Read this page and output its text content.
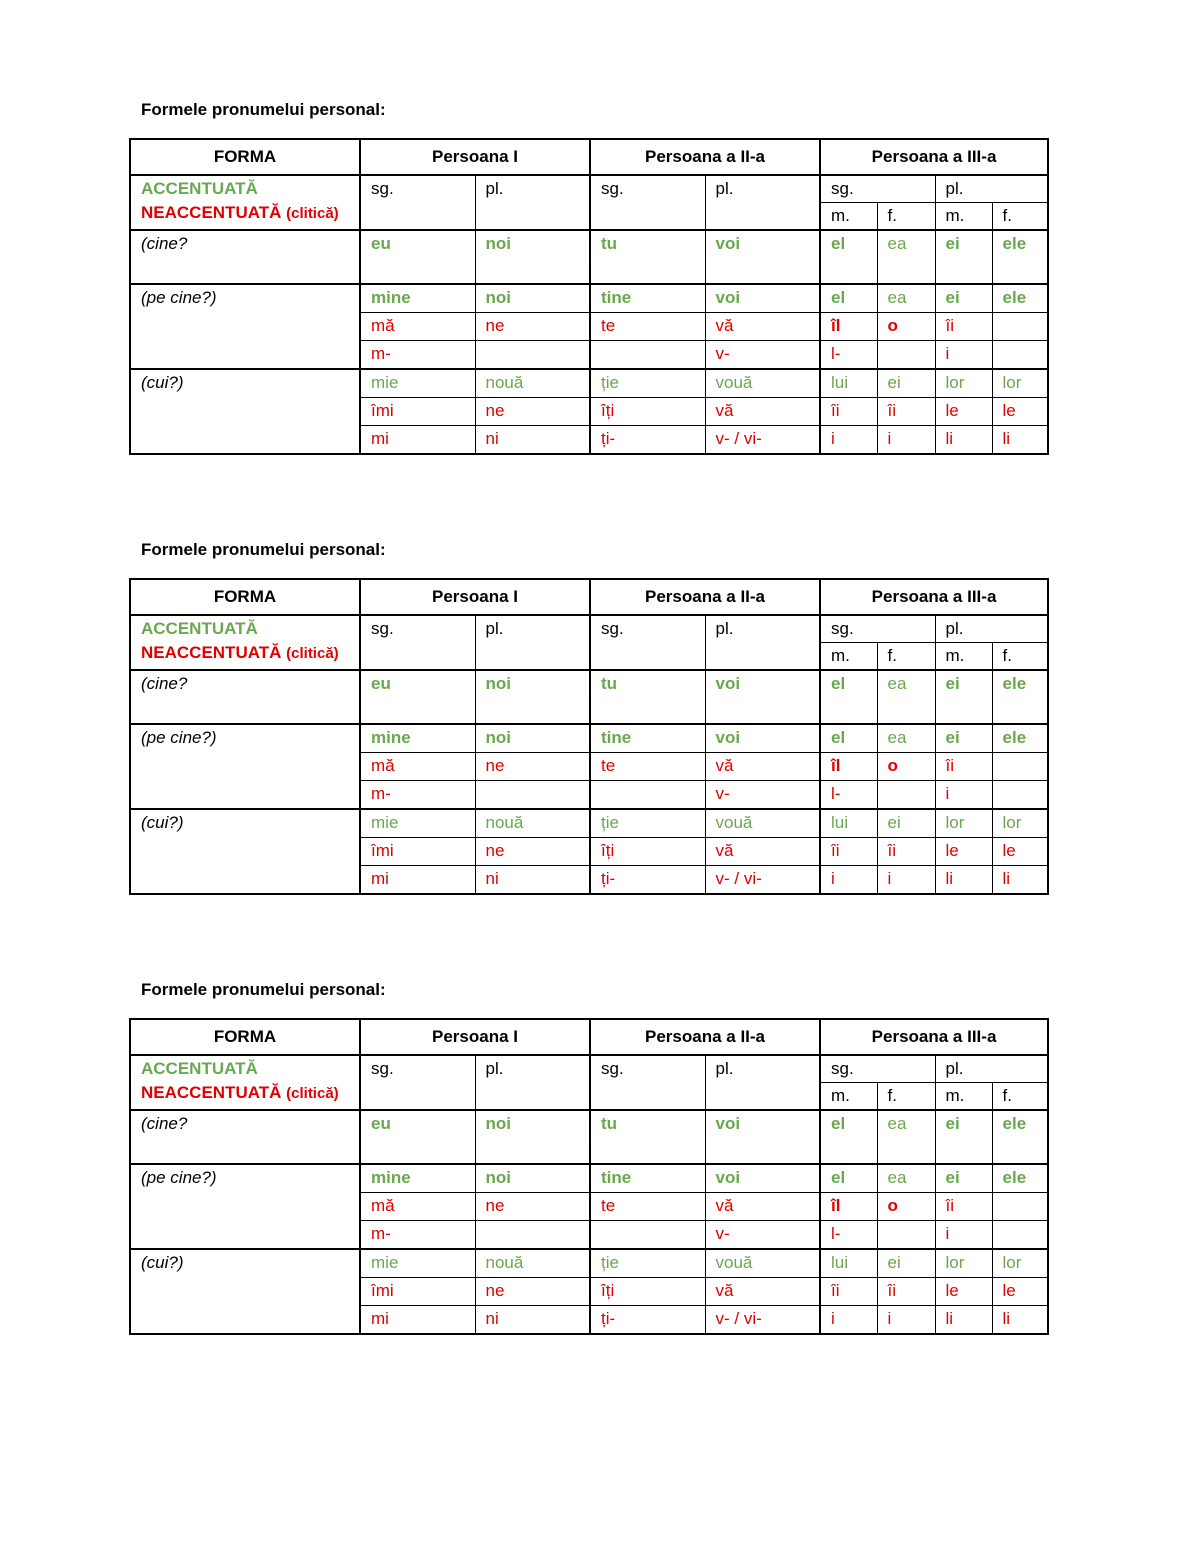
Formele pronumelui personal:
FORMA	Persoana I		Persoana a II-a		Persoana a III-a			

ACCENTUATĂ
NEACCENTUATĂ (clitică)	sg.	pl.	sg.	pl.	sg.		pl.	
					m.	f.	m.	f.
(cine?	eu	noi	tu	voi	el	ea	ei	ele
(pe cine?)	mine	noi	tine	voi	el	ea	ei	ele
	mă	ne	te	vă	îl	o	îi	
	m-			v-	l-		i	
(cui?)	mie	nouă	ție	vouă	lui	ei	lor	lor
	îmi	ne	îți	vă	îi	îi	le	le
	mi	ni	ți-	v- / vi-	i	i	li	li
Formele pronumelui personal:
FORMA	Persoana I		Persoana a II-a		Persoana a III-a			

ACCENTUATĂ
NEACCENTUATĂ (clitică)	sg.	pl.	sg.	pl.	sg.		pl.	
					m.	f.	m.	f.
(cine?	eu	noi	tu	voi	el	ea	ei	ele
(pe cine?)	mine	noi	tine	voi	el	ea	ei	ele
	mă	ne	te	vă	îl	o	îi	
	m-			v-	l-		i	
(cui?)	mie	nouă	ție	vouă	lui	ei	lor	lor
	îmi	ne	îți	vă	îi	îi	le	le
	mi	ni	ți-	v- / vi-	i	i	li	li
Formele pronumelui personal:
FORMA	Persoana I		Persoana a II-a		Persoana a III-a			

ACCENTUATĂ
NEACCENTUATĂ (clitică)	sg.	pl.	sg.	pl.	sg.		pl.	
					m.	f.	m.	f.
(cine?	eu	noi	tu	voi	el	ea	ei	ele
(pe cine?)	mine	noi	tine	voi	el	ea	ei	ele
	mă	ne	te	vă	îl	o	îi	
	m-			v-	l-		i	
(cui?)	mie	nouă	ție	vouă	lui	ei	lor	lor
	îmi	ne	îți	vă	îi	îi	le	le
	mi	ni	ți-	v- / vi-	i	i	li	li
